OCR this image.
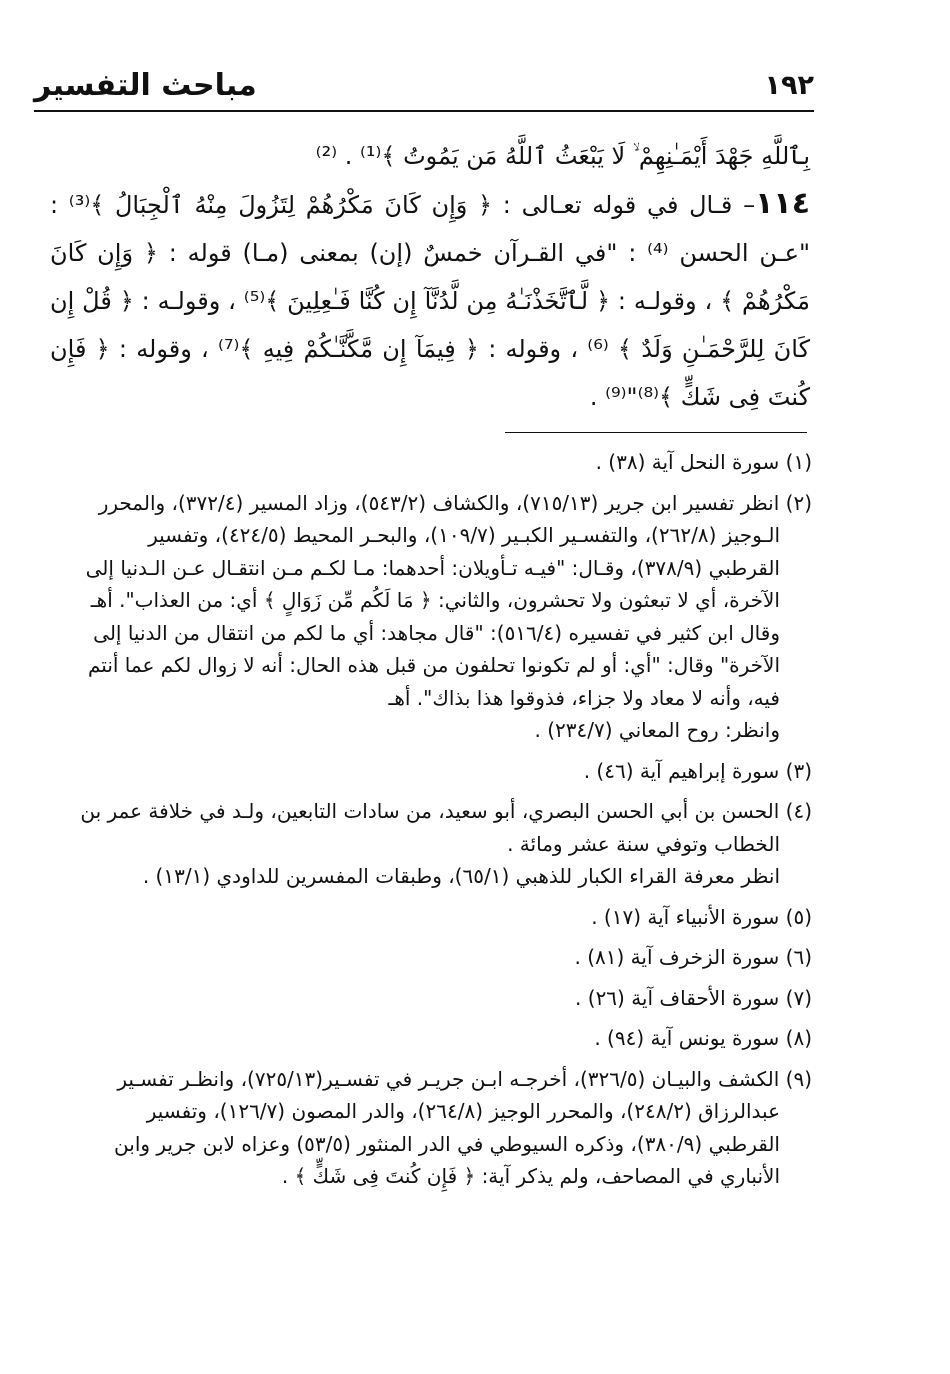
١٩٢
مباحث التفسير

بِٱللَّهِ جَهْدَ أَيْمَـٰنِهِمْ ۙ لَا يَبْعَثُ ٱللَّهُ مَن يَمُوتُ ﴾⁽¹⁾ . ⁽²⁾

١١٤– قـال في قوله تعـالى : ﴿ وَإِن كَانَ مَكْرُهُمْ لِتَزُولَ مِنْهُ ٱلْجِبَالُ ﴾⁽³⁾ : "عـن الحسن ⁽⁴⁾ : "في القـرآن خمسٌ (إن) بمعنى (مـا) قوله : ﴿ وَإِن كَانَ مَكْرُهُمْ ﴾ ، وقولـه : ﴿ لَّٱتَّخَذْنَـٰهُ مِن لَّدُنَّآ إِن كُنَّا فَـٰعِلِينَ ﴾⁽⁵⁾ ، وقولـه : ﴿ قُلْ إِن كَانَ لِلرَّحْمَـٰنِ وَلَدٌ ﴾ ⁽⁶⁾ ، وقوله : ﴿ فِيمَآ إِن مَّكَّنَّـٰكُمْ فِيهِ ﴾⁽⁷⁾ ، وقوله : ﴿ فَإِن كُنتَ فِى شَكٍّ ﴾⁽⁸⁾"⁽⁹⁾ .

(١) سورة النحل آية (٣٨) .
(٢) انظر تفسير ابن جرير (٧١٥/١٣)، والكشاف (٥٤٣/٢)، وزاد المسير (٣٧٢/٤)، والمحرر
الـوجيز (٢٦٢/٨)، والتفسـير الكبـير (١٠٩/٧)، والبحـر المحيط (٤٢٤/٥)، وتفسير
القرطبي (٣٧٨/٩)، وقـال: "فيـه تـأويلان: أحدهما: مـا لكـم مـن انتقـال عـن الـدنيا إلى
الآخرة، أي لا تبعثون ولا تحشرون، والثاني: ﴿ مَا لَكُم مِّن زَوَالٍ ﴾ أي: من العذاب". أهـ
وقال ابن كثير في تفسيره (٥١٦/٤): "قال مجاهد: أي ما لكم من انتقال من الدنيا إلى
الآخرة" وقال: "أي: أو لم تكونوا تحلفون من قبل هذه الحال: أنه لا زوال لكم عما أنتم
فيه، وأنه لا معاد ولا جزاء، فذوقوا هذا بذاك". أهـ
وانظر: روح المعاني (٢٣٤/٧) .
(٣) سورة إبراهيم آية (٤٦) .
(٤) الحسن بن أبي الحسن البصري، أبو سعيد، من سادات التابعين، ولـد في خلافة عمر بن
الخطاب وتوفي سنة عشر ومائة .
انظر معرفة القراء الكبار للذهبي (٦٥/١)، وطبقات المفسرين للداودي (١٣/١) .
(٥) سورة الأنبياء آية (١٧) .
(٦) سورة الزخرف آية (٨١) .
(٧) سورة الأحقاف آية (٢٦) .
(٨) سورة يونس آية (٩٤) .
(٩) الكشف والبيـان (٣٢٦/٥)، أخرجـه ابـن جريـر في تفسـير(٧٢٥/١٣)، وانظـر تفسـير
عبدالرزاق (٢٤٨/٢)، والمحرر الوجيز (٢٦٤/٨)، والدر المصون (١٢٦/٧)، وتفسير
القرطبي (٣٨٠/٩)، وذكره السيوطي في الدر المنثور (٥٣/٥) وعزاه لابن جرير وابن
الأنباري في المصاحف، ولم يذكر آية: ﴿ فَإِن كُنتَ فِى شَكٍّ ﴾ .
